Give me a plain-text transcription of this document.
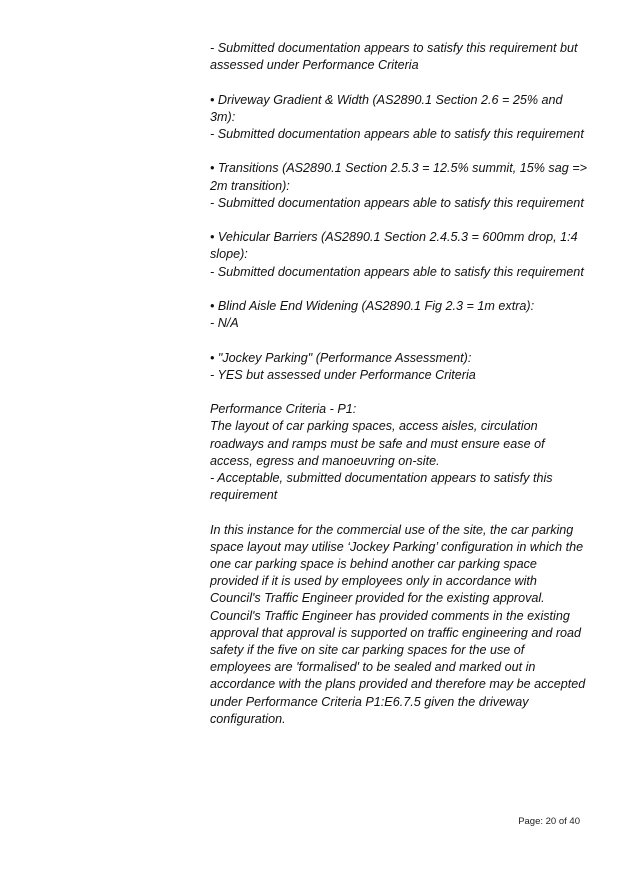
- Submitted documentation appears to satisfy this requirement but assessed under Performance Criteria

• Driveway Gradient & Width (AS2890.1 Section 2.6 = 25% and 3m):

- Submitted documentation appears able to satisfy this requirement

• Transitions (AS2890.1 Section 2.5.3 = 12.5% summit, 15% sag => 2m transition):

- Submitted documentation appears able to satisfy this requirement

• Vehicular Barriers (AS2890.1 Section 2.4.5.3 = 600mm drop, 1:4 slope):

- Submitted documentation appears able to satisfy this requirement

• Blind Aisle End Widening (AS2890.1 Fig 2.3 = 1m extra):

- N/A

• "Jockey Parking" (Performance Assessment):

- YES but assessed under Performance Criteria

Performance Criteria - P1:

The layout of car parking spaces, access aisles, circulation roadways and ramps must be safe and must ensure ease of access, egress and manoeuvring on-site.

- Acceptable, submitted documentation appears to satisfy this requirement

In this instance for the commercial use of the site, the car parking space layout may utilise ‘Jockey Parking’ configuration in which the one car parking space is behind another car parking space provided if it is used by employees only in accordance with Council's Traffic Engineer provided for the existing approval. Council's Traffic Engineer has provided comments in the existing approval that approval is supported on traffic engineering and road safety if the five on site car parking spaces for the use of employees are 'formalised' to be sealed and marked out in accordance with the plans provided and therefore may be accepted under Performance Criteria P1:E6.7.5 given the driveway configuration.

Page: 20 of 40
